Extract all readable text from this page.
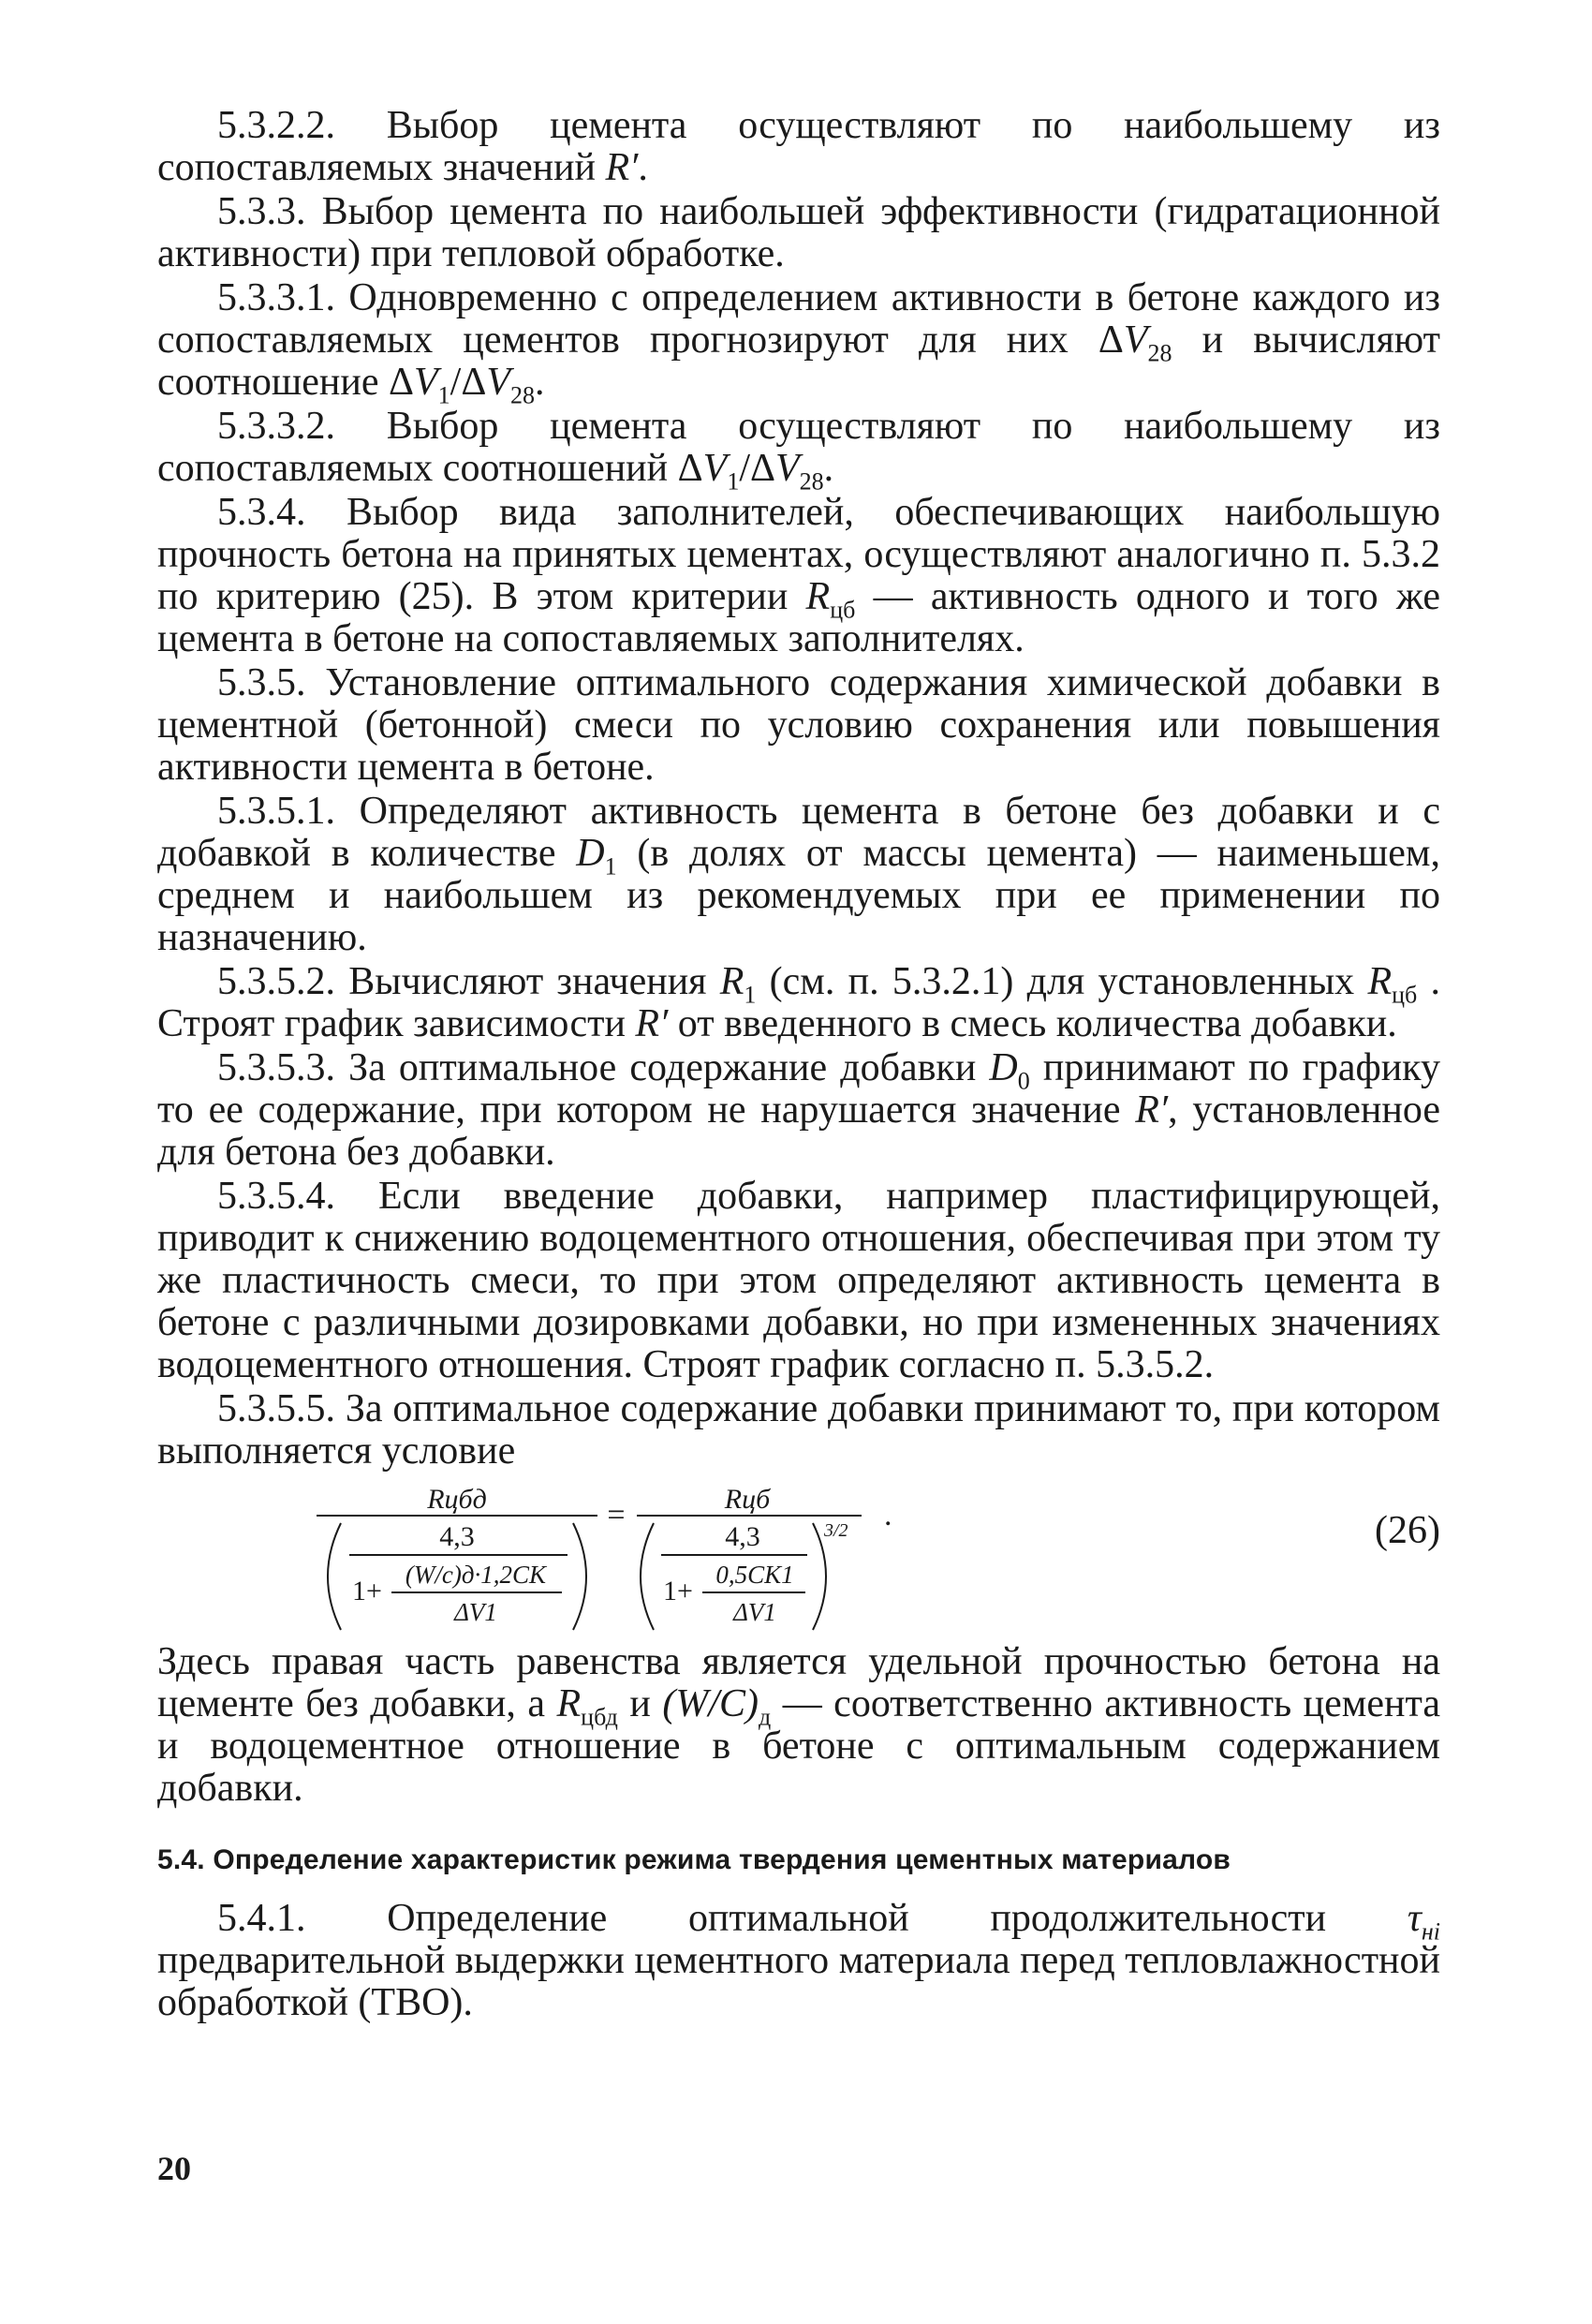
5.3.2.2. Выбор цемента осуществляют по наибольшему из сопоставляемых значений R′.

5.3.3. Выбор цемента по наибольшей эффективности (гидратационной активности) при тепловой обработке.

5.3.3.1. Одновременно с определением активности в бетоне каждого из сопоставляемых цементов прогнозируют для них $\Delta V_{28}$ и вычисляют соотношение $\Delta V_1/\Delta V_{28}$.

5.3.3.2. Выбор цемента осуществляют по наибольшему из сопоставляемых соотношений $\Delta V_1/\Delta V_{28}$.

5.3.4. Выбор вида заполнителей, обеспечивающих наибольшую прочность бетона на принятых цементах, осуществляют аналогично п. 5.3.2 по критерию (25). В этом критерии $R_{цб}$ — активность одного и того же цемента в бетоне на сопоставляемых заполнителях.

5.3.5. Установление оптимального содержания химической добавки в цементной (бетонной) смеси по условию сохранения или повышения активности цемента в бетоне.

5.3.5.1. Определяют активность цемента в бетоне без добавки и с добавкой в количестве $D_1$ (в долях от массы цемента) — наименьшем, среднем и наибольшем из рекомендуемых при ее применении по назначению.

5.3.5.2. Вычисляют значения $R_1$ (см. п. 5.3.2.1) для установленных $R_{цб}$ . Строят график зависимости R′ от введенного в смесь количества добавки.

5.3.5.3. За оптимальное содержание добавки $D_0$ принимают по графику то ее содержание, при котором не нарушается значение R′, установленное для бетона без добавки.

5.3.5.4. Если введение добавки, например пластифицирующей, приводит к снижению водоцементного отношения, обеспечивая при этом ту же пластичность смеси, то при этом определяют активность цемента в бетоне с различными дозировками добавки, но при измененных значениях водоцементного отношения. Строят график согласно п. 5.3.5.2.

5.3.5.5. За оптимальное содержание добавки принимают то, при котором выполняется условие

Rцбд
4,3
1+
(W/c)д·1,2CK
ΔV1
=	Rцб
3/2
4,3
1+
0,5CK1
ΔV1
.	(26)

Здесь правая часть равенства является удельной прочностью бетона на цементе без добавки, а $R_{цбд}$ и $(W/C)_д$ — соответственно активность цемента и водоцементное отношение в бетоне с оптимальным содержанием добавки.

5.4. Определение характеристик режима твердения цементных материалов

5.4.1. Определение оптимальной продолжительности $\tau_{нi}$ предварительной выдержки цементного материала перед тепловлажностной обработкой (ТВО).

20
